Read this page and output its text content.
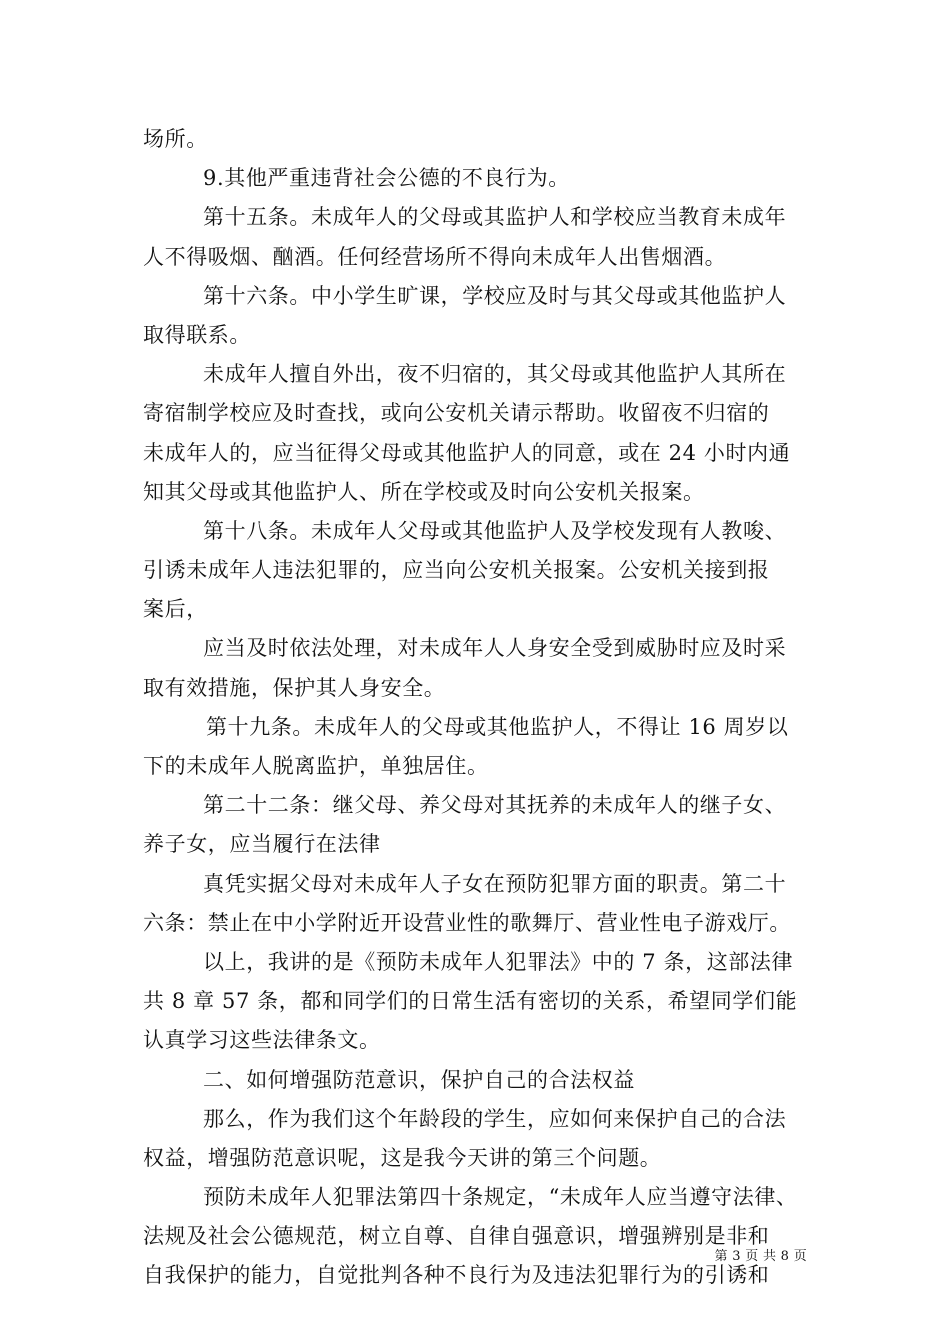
场所。
9.其他严重违背社会公德的不良行为。
第十五条。未成年人的父母或其监护人和学校应当教育未成年
人不得吸烟、酗酒。任何经营场所不得向未成年人出售烟酒。
第十六条。中小学生旷课，学校应及时与其父母或其他监护人
取得联系。
未成年人擅自外出，夜不归宿的，其父母或其他监护人其所在
寄宿制学校应及时查找，或向公安机关请示帮助。收留夜不归宿的
未成年人的，应当征得父母或其他监护人的同意，或在 24 小时内通
知其父母或其他监护人、所在学校或及时向公安机关报案。
第十八条。未成年人父母或其他监护人及学校发现有人教唆、
引诱未成年人违法犯罪的，应当向公安机关报案。公安机关接到报
案后，
应当及时依法处理，对未成年人人身安全受到威胁时应及时采
取有效措施，保护其人身安全。
第十九条。未成年人的父母或其他监护人，不得让 16 周岁以
下的未成年人脱离监护，单独居住。
第二十二条：继父母、养父母对其抚养的未成年人的继子女、
养子女，应当履行在法律
真凭实据父母对未成年人子女在预防犯罪方面的职责。第二十
六条：禁止在中小学附近开设营业性的歌舞厅、营业性电子游戏厅。
以上，我讲的是《预防未成年人犯罪法》中的 7 条，这部法律
共 8 章 57 条，都和同学们的日常生活有密切的关系，希望同学们能
认真学习这些法律条文。
二、如何增强防范意识，保护自己的合法权益
那么，作为我们这个年龄段的学生，应如何来保护自己的合法
权益，增强防范意识呢，这是我今天讲的第三个问题。
预防未成年人犯罪法第四十条规定，“未成年人应当遵守法律、
法规及社会公德规范，树立自尊、自律自强意识，增强辨别是非和
自我保护的能力，自觉批判各种不良行为及违法犯罪行为的引诱和
第 3 页 共 8 页
